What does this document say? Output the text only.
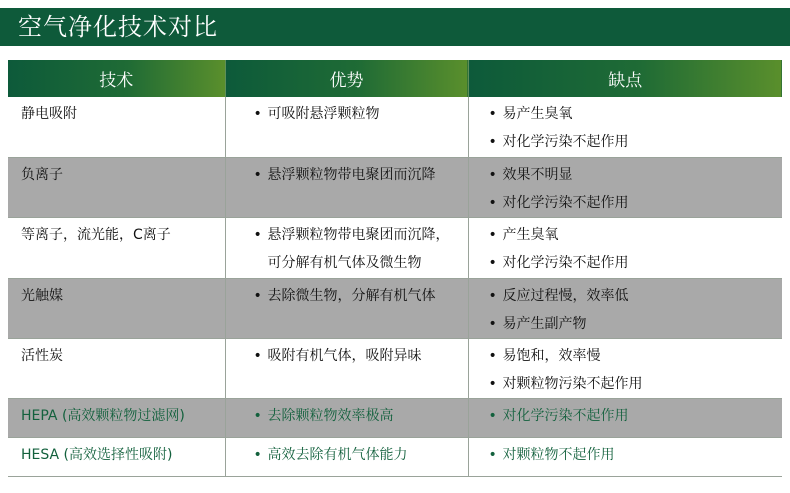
空气净化技术对比
技术	优势	缺点
静电吸附	• 可吸附悬浮颗粒物	• 易产生臭氧
• 对化学污染不起作用

负离子	• 悬浮颗粒物带电聚团而沉降	• 效果不明显
• 对化学污染不起作用

等离子，流光能，C离子	• 悬浮颗粒物带电聚团而沉降，
可分解有机气体及微生物	• 产生臭氧
• 对化学污染不起作用

光触媒	• 去除微生物，分解有机气体	• 反应过程慢，效率低
• 易产生副产物

活性炭	• 吸附有机气体，吸附异味	• 易饱和，效率慢
• 对颗粒物污染不起作用

HEPA (高效颗粒物过滤网)	• 去除颗粒物效率极高	• 对化学污染不起作用

HESA (高效选择性吸附)	• 高效去除有机气体能力	• 对颗粒物不起作用
